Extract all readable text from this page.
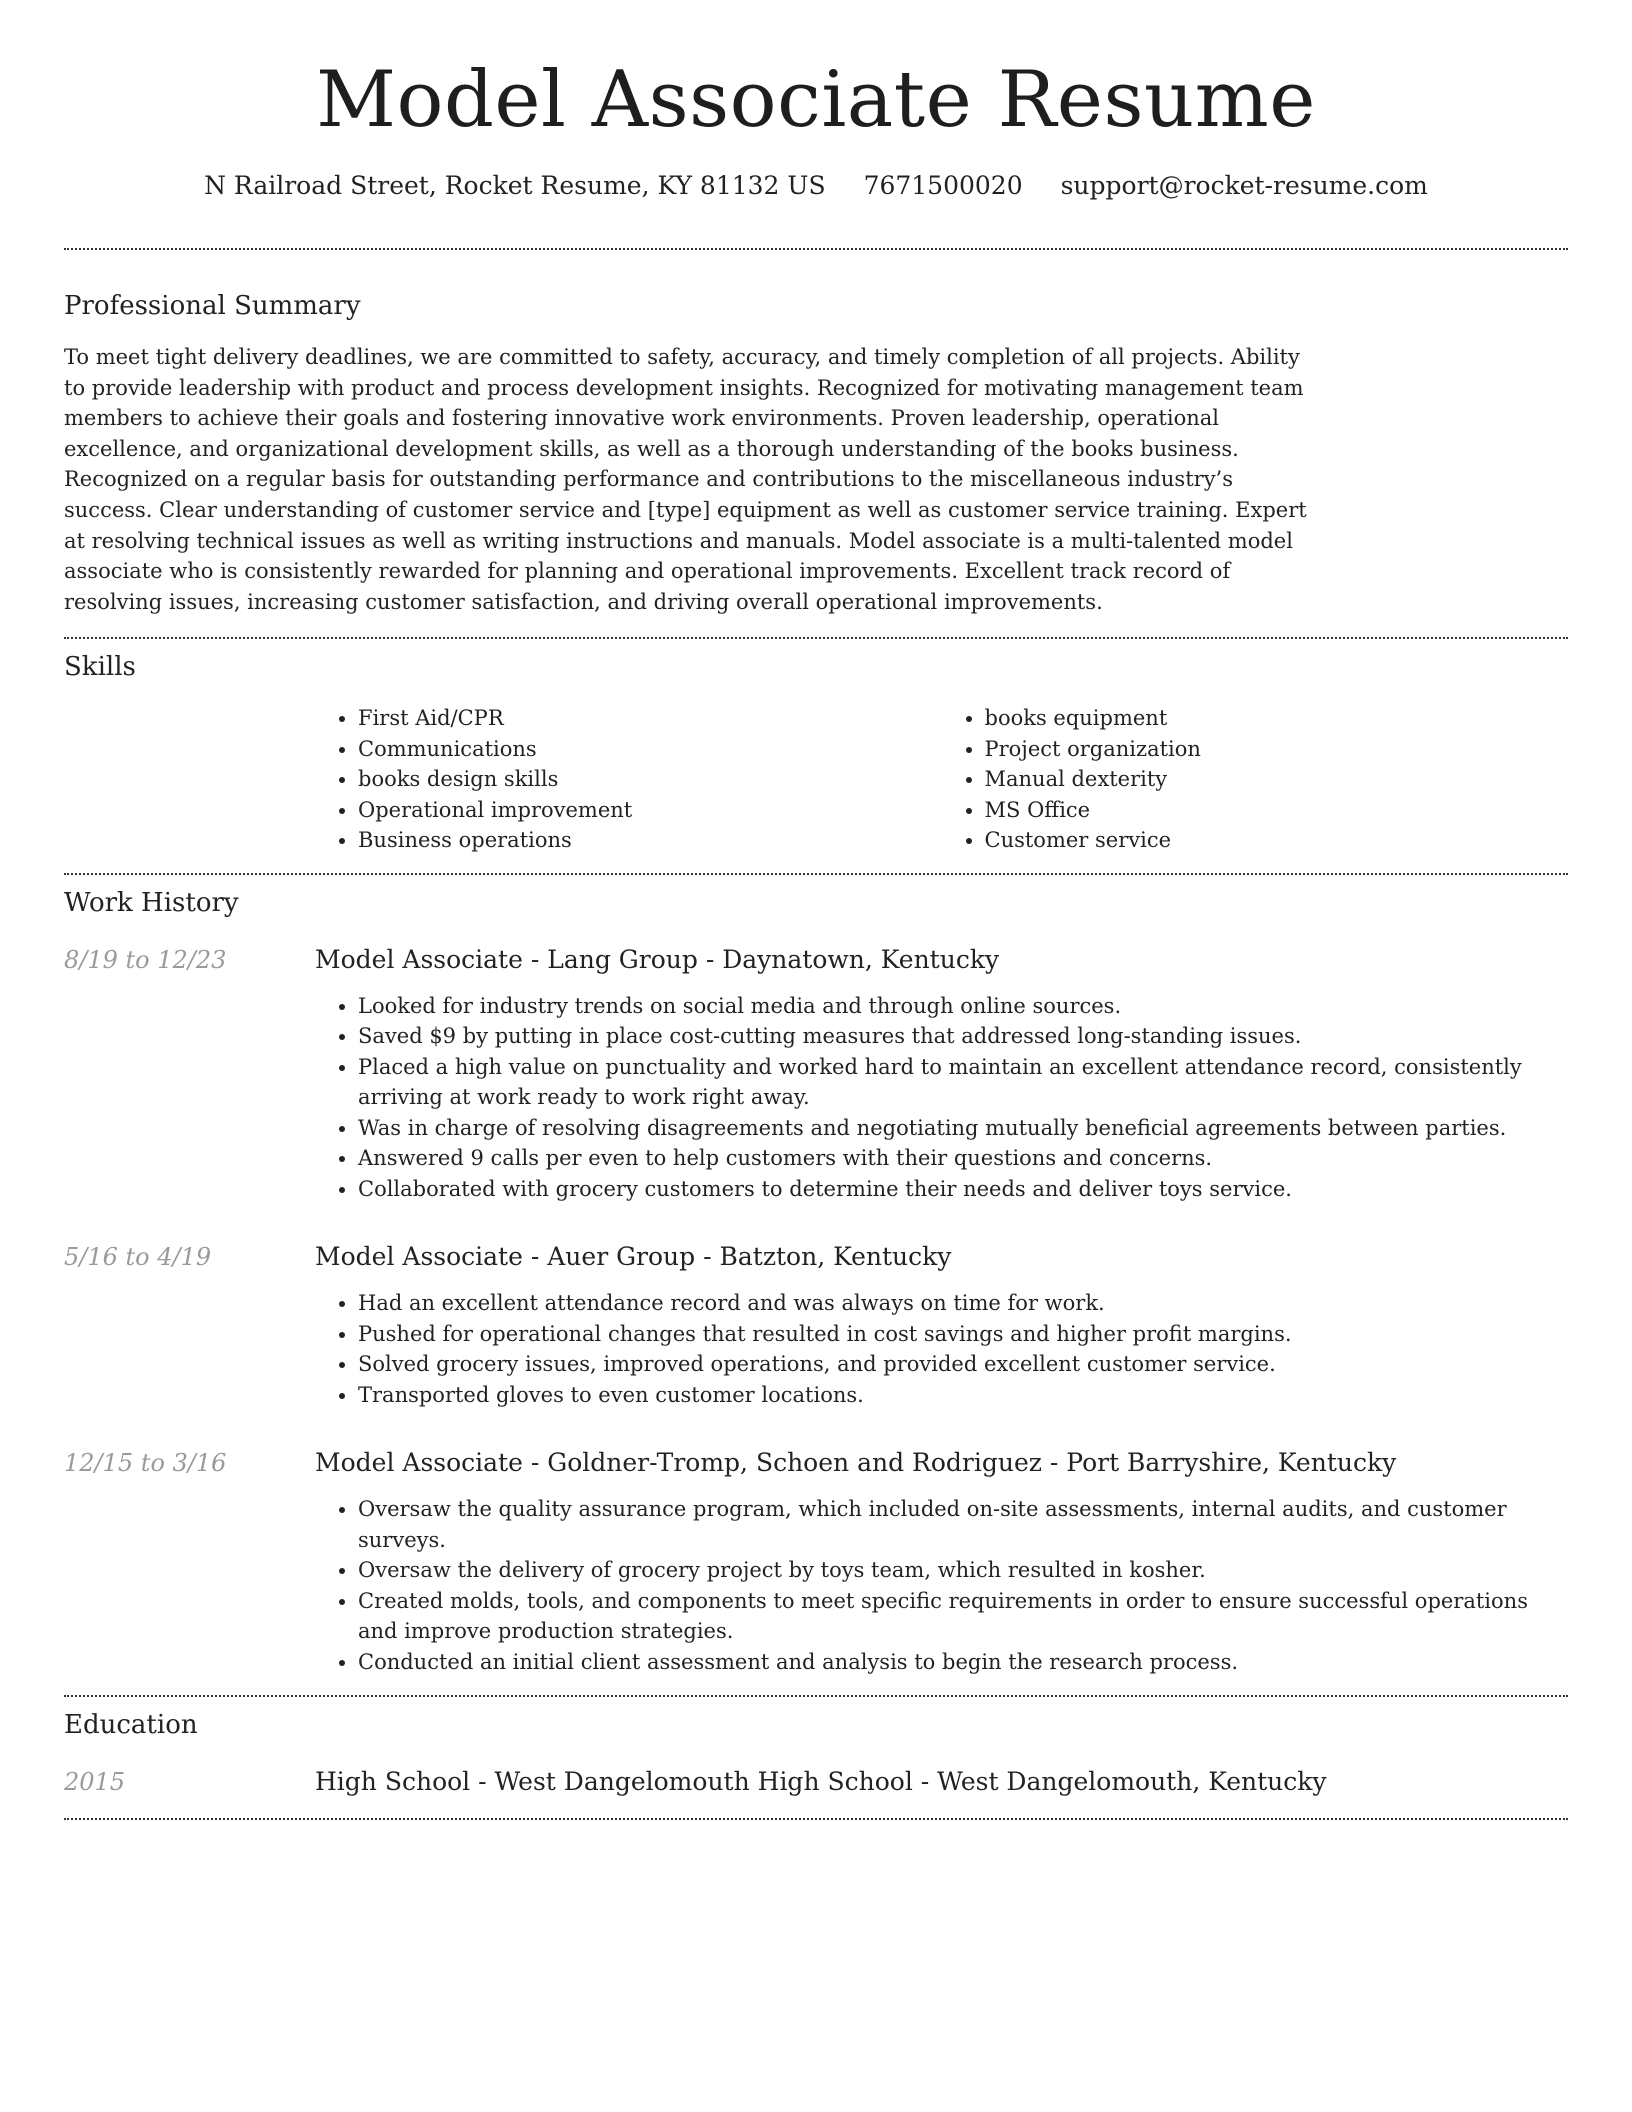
Model Associate Resume
N Railroad Street, Rocket Resume, KY 81132 US 7671500020 support@rocket-resume.com
Professional Summary

To meet tight delivery deadlines, we are committed to safety, accuracy, and timely completion of all projects. Ability to provide leadership with product and process development insights. Recognized for motivating management team members to achieve their goals and fostering innovative work environments. Proven leadership, operational excellence, and organizational development skills, as well as a thorough understanding of the books business. Recognized on a regular basis for outstanding performance and contributions to the miscellaneous industry’s success. Clear understanding of customer service and [type] equipment as well as customer service training. Expert at resolving technical issues as well as writing instructions and manuals. Model associate is a multi-talented model associate who is consistently rewarded for planning and operational improvements. Excellent track record of resolving issues, increasing customer satisfaction, and driving overall operational improvements.

Skills
• First Aid/CPR
• Communications
• books design skills
• Operational improvement
• Business operations
• books equipment
• Project organization
• Manual dexterity
• MS Office
• Customer service
Work History
8/19 to 12/23	Model Associate - Lang Group - Daynatown, Kentucky
• Looked for industry trends on social media and through online sources.
• Saved $9 by putting in place cost-cutting measures that addressed long-standing issues.
• Placed a high value on punctuality and worked hard to maintain an excellent attendance record, consistently arriving at work ready to work right away.
• Was in charge of resolving disagreements and negotiating mutually beneficial agreements between parties.
• Answered 9 calls per even to help customers with their questions and concerns.
• Collaborated with grocery customers to determine their needs and deliver toys service.
5/16 to 4/19	Model Associate - Auer Group - Batzton, Kentucky
• Had an excellent attendance record and was always on time for work.
• Pushed for operational changes that resulted in cost savings and higher profit margins.
• Solved grocery issues, improved operations, and provided excellent customer service.
• Transported gloves to even customer locations.
12/15 to 3/16	Model Associate - Goldner-Tromp, Schoen and Rodriguez - Port Barryshire, Kentucky
• Oversaw the quality assurance program, which included on-site assessments, internal audits, and customer surveys.
• Oversaw the delivery of grocery project by toys team, which resulted in kosher.
• Created molds, tools, and components to meet specific requirements in order to ensure successful operations and improve production strategies.
• Conducted an initial client assessment and analysis to begin the research process.
Education
2015	High School - West Dangelomouth High School - West Dangelomouth, Kentucky
